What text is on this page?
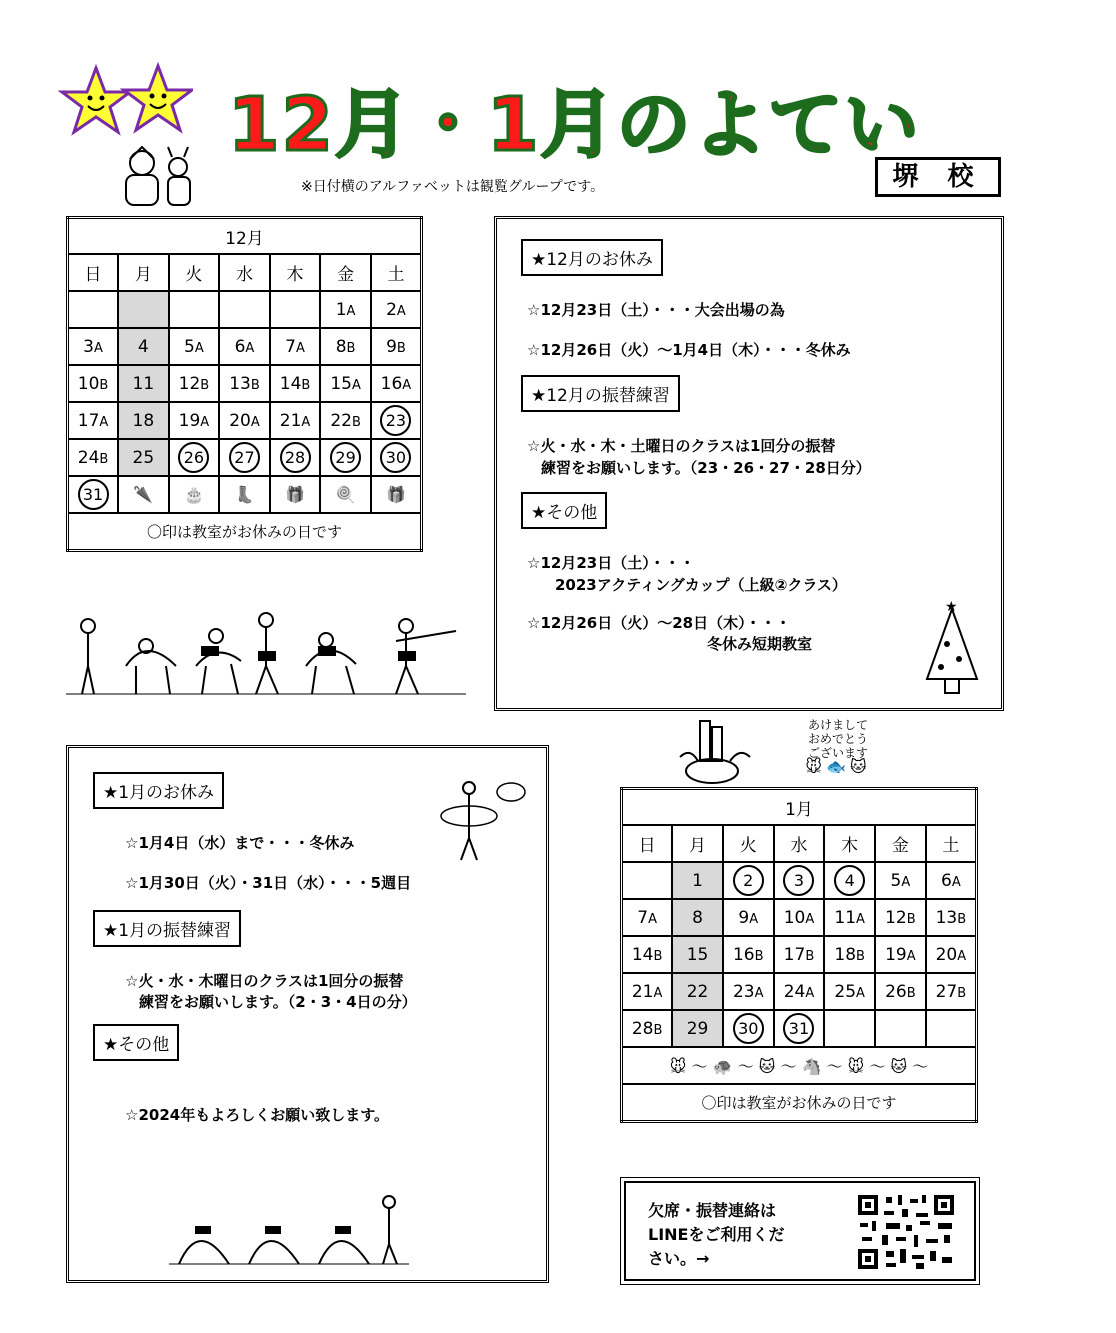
12月・1月のよてい
堺 校
※日付横のアルファベットは観覧グループです。
12月						
日	月	火	水	木	金	土
					1A	2A
3A	4	5A	6A	7A	8B	9B
10B	11	12B	13B	14B	15A	16A
17A	18	19A	20A	21A	22B	23
24B	25	26	27	28	29	30
31	🌂	🎂	👢	🎁	🍭	🎁
〇印は教室がお休みの日です						
1月						
日	月	火	水	木	金	土
	1	2	3	4	5A	6A
7A	8	9A	10A	11A	12B	13B
14B	15	16B	17B	18B	19A	20A
21A	22	23A	24A	25A	26B	27B
28B	29	30	31			
🐭 ～ 🐢 ～ 🐱 ～ 🐴 ～ 🐭 ～ 🐱 ～						
〇印は教室がお休みの日です						
★12月のお休み
☆12月23日（土）・・・大会出場の為
☆12月26日（火）～1月4日（木）・・・冬休み
★12月の振替練習
☆火・水・木・土曜日のクラスは1回分の振替
練習をお願いします。（23・26・27・28日分）
★その他
☆12月23日（土）・・・
2023アクティングカップ（上級②クラス）
☆12月26日（火）～28日（木）・・・
冬休み短期教室
★
★1月のお休み
☆1月4日（水）まで・・・冬休み
☆1月30日（火）・31日（水）・・・5週目
★1月の振替練習
☆火・水・木曜日のクラスは1回分の振替
練習をお願いします。（2・3・4日の分）
★その他
☆2024年もよろしくお願い致します。
あけまして
おめでとう
ございます
🐭🐟🐱
欠席・振替連絡は
LINEをご利用くだ
さい。→
